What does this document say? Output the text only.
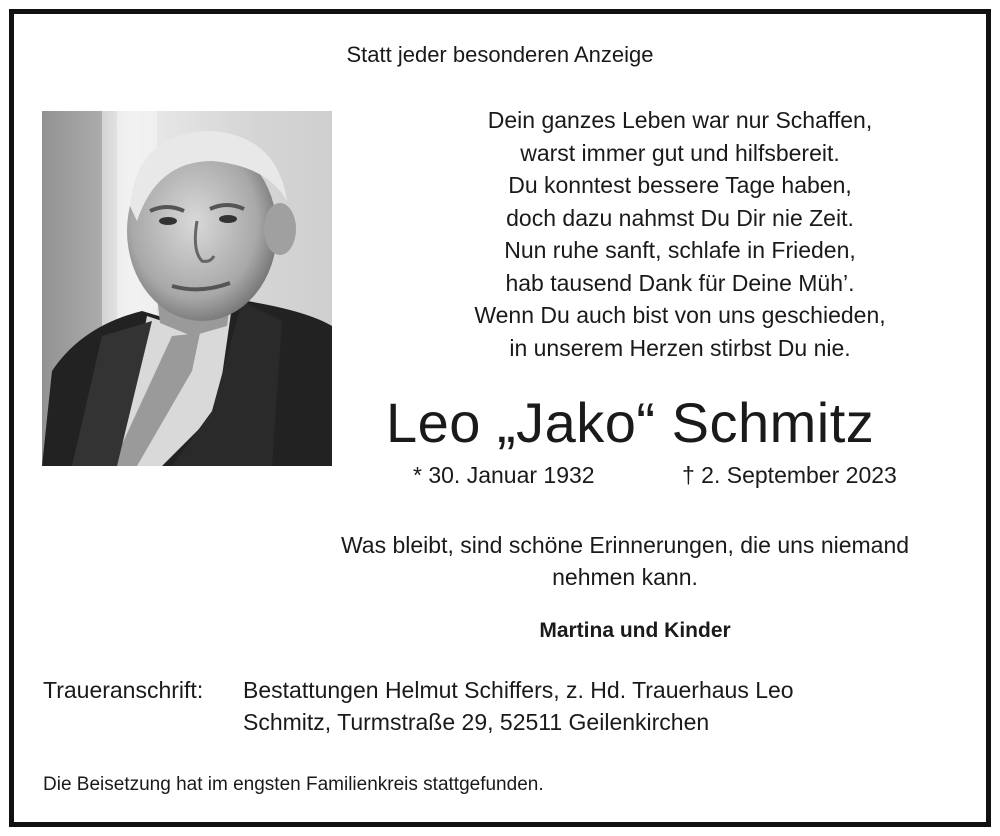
Statt jeder besonderen Anzeige
Dein ganzes Leben war nur Schaffen,
warst immer gut und hilfsbereit.
Du konntest bessere Tage haben,
doch dazu nahmst Du Dir nie Zeit.
Nun ruhe sanft, schlafe in Frieden,
hab tausend Dank für Deine Müh’.
Wenn Du auch bist von uns geschieden,
in unserem Herzen stirbst Du nie.
Leo „Jako“ Schmitz
* 30. Januar 1932	† 2. September 2023
Was bleibt, sind schöne Erinnerungen, die uns niemand
nehmen kann.
Martina und Kinder
Traueranschrift: Bestattungen Helmut Schiffers, z. Hd. Trauerhaus Leo
Schmitz, Turmstraße 29, 52511 Geilenkirchen
Die Beisetzung hat im engsten Familienkreis stattgefunden.
